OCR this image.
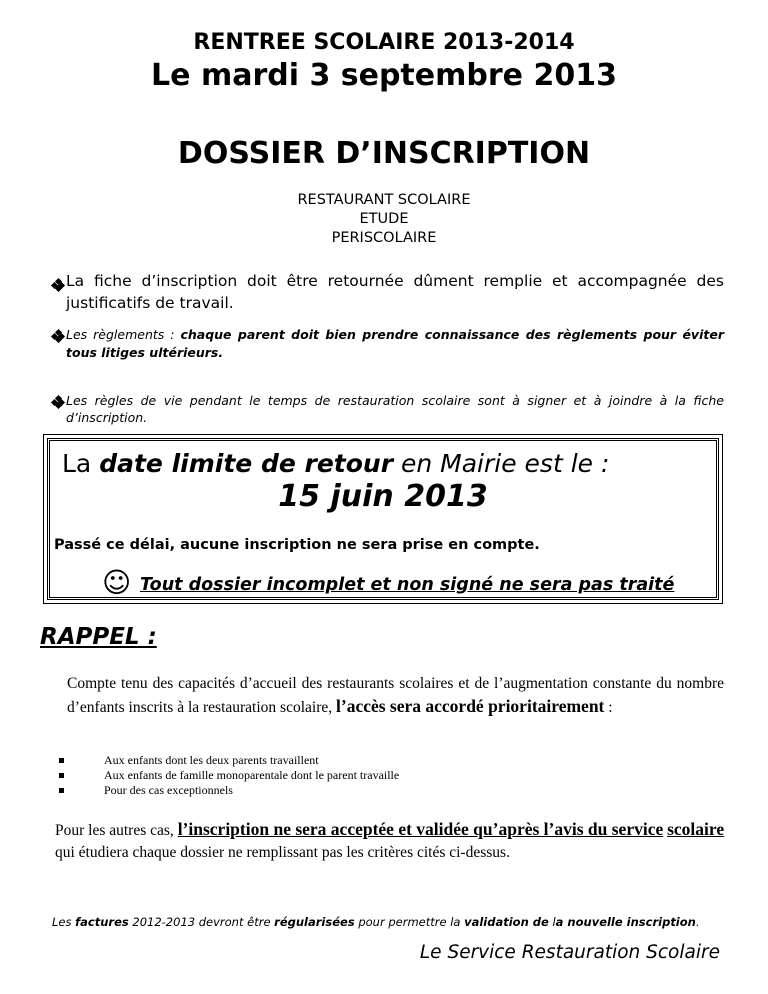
RENTREE SCOLAIRE 2013-2014
Le mardi 3 septembre 2013
DOSSIER D’INSCRIPTION
RESTAURANT SCOLAIRE
ETUDE
PERISCOLAIRE
La fiche d’inscription doit être retournée dûment remplie et accompagnée des justificatifs de travail.
Les règlements : chaque parent doit bien prendre connaissance des règlements pour éviter tous litiges ultérieurs.
Les règles de vie pendant le temps de restauration scolaire sont à signer et à joindre à la fiche d’inscription.
La date limite de retour en Mairie est le :
15 juin 2013
Passé ce délai, aucune inscription ne sera prise en compte.
☺ Tout dossier incomplet et non signé ne sera pas traité
RAPPEL :
Compte tenu des capacités d’accueil des restaurants scolaires et de l’augmentation constante du nombre d’enfants inscrits à la restauration scolaire, l’accès sera accordé prioritairement :
Aux enfants dont les deux parents travaillent
Aux enfants de famille monoparentale dont le parent travaille
Pour des cas exceptionnels
Pour les autres cas, l’inscription ne sera acceptée et validée qu’après l’avis du service scolaire qui étudiera chaque dossier ne remplissant pas les critères cités ci-dessus.
Les factures 2012-2013 devront être régularisées pour permettre la validation de la nouvelle inscription.
Le Service Restauration Scolaire
